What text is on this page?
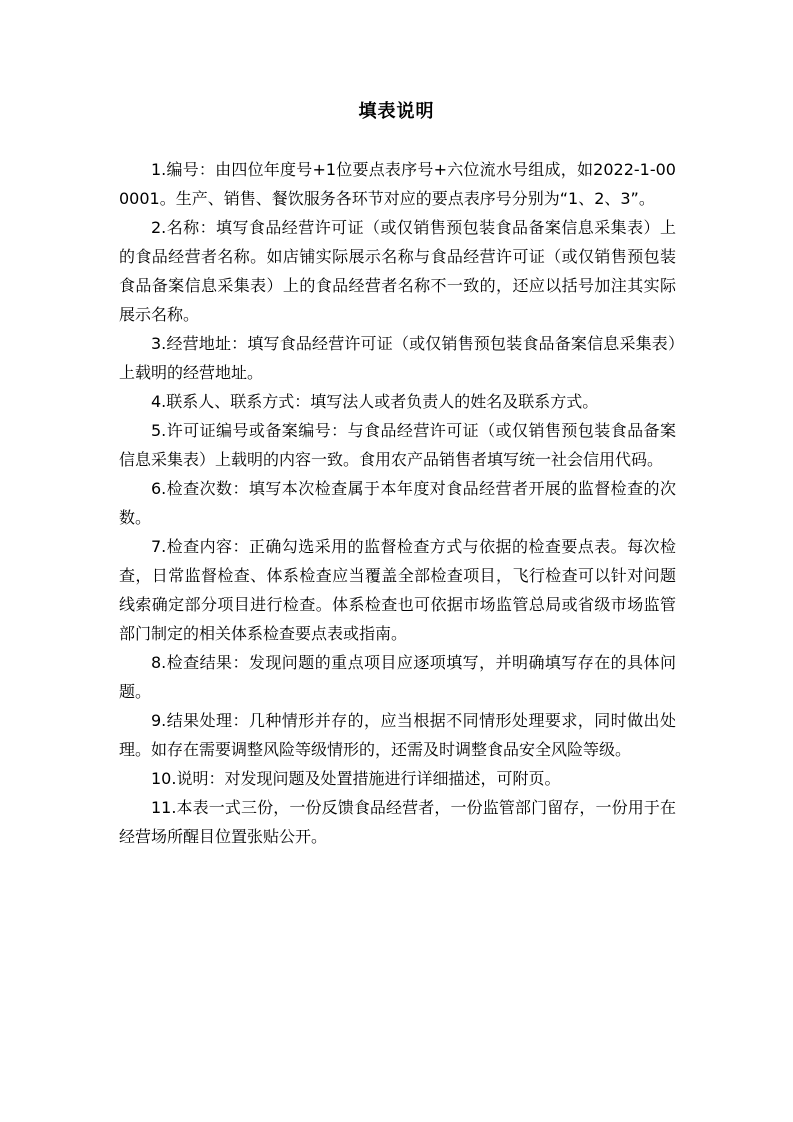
填表说明

1.编号：由四位年度号+1位要点表序号+六位流水号组成，如2022-1-000001。生产、销售、餐饮服务各环节对应的要点表序号分别为“1、2、3”。

2.名称：填写食品经营许可证（或仅销售预包装食品备案信息采集表）上的食品经营者名称。如店铺实际展示名称与食品经营许可证（或仅销售预包装食品备案信息采集表）上的食品经营者名称不一致的，还应以括号加注其实际展示名称。

3.经营地址：填写食品经营许可证（或仅销售预包装食品备案信息采集表）上载明的经营地址。

4.联系人、联系方式：填写法人或者负责人的姓名及联系方式。

5.许可证编号或备案编号：与食品经营许可证（或仅销售预包装食品备案信息采集表）上载明的内容一致。食用农产品销售者填写统一社会信用代码。

6.检查次数：填写本次检查属于本年度对食品经营者开展的监督检查的次数。

7.检查内容：正确勾选采用的监督检查方式与依据的检查要点表。每次检查，日常监督检查、体系检查应当覆盖全部检查项目，飞行检查可以针对问题线索确定部分项目进行检查。体系检查也可依据市场监管总局或省级市场监管部门制定的相关体系检查要点表或指南。

8.检查结果：发现问题的重点项目应逐项填写，并明确填写存在的具体问题。

9.结果处理：几种情形并存的，应当根据不同情形处理要求，同时做出处理。如存在需要调整风险等级情形的，还需及时调整食品安全风险等级。

10.说明：对发现问题及处置措施进行详细描述，可附页。

11.本表一式三份，一份反馈食品经营者，一份监管部门留存，一份用于在经营场所醒目位置张贴公开。
